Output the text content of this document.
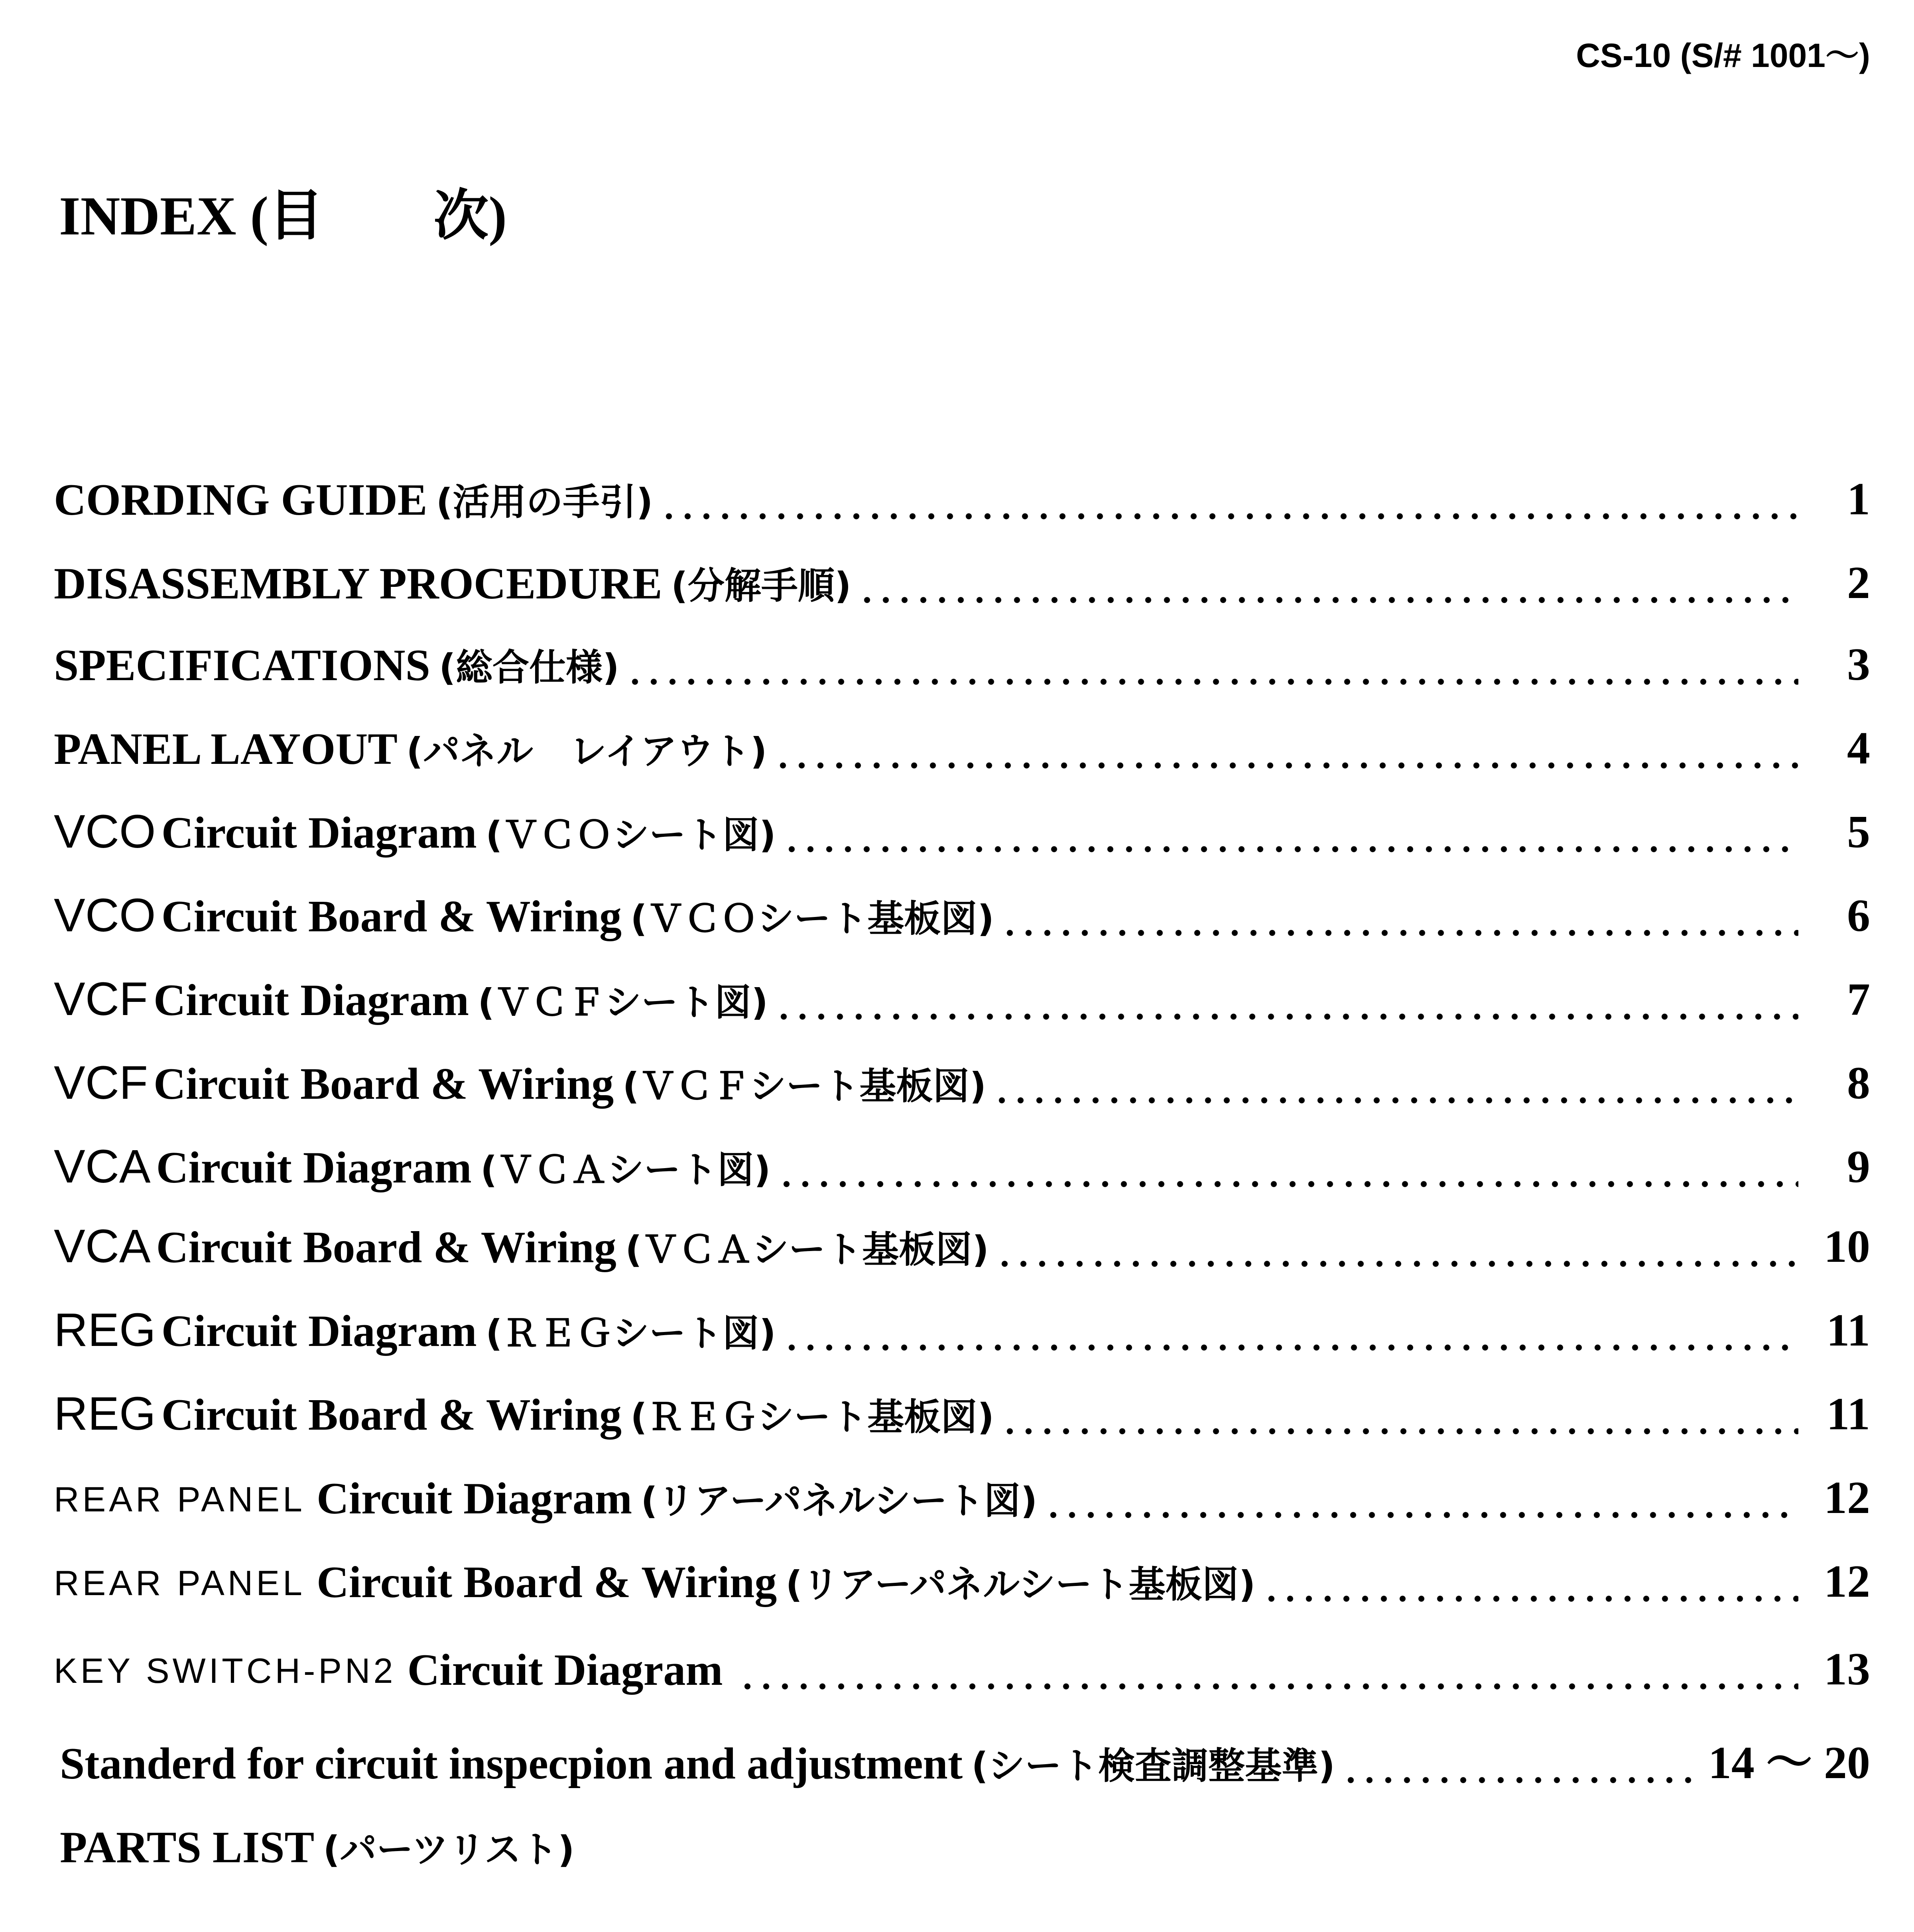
CS-10 (S/# 1001～)
INDEX (目　　次)
CORDING GUIDE (活用の手引)	1
DISASSEMBLY PROCEDURE (分解手順)	2
SPECIFICATIONS (総合仕様)	3
PANEL LAYOUT (パネル　レイアウト)	4
VCO Circuit Diagram (ＶＣＯシート図)	5
VCO Circuit Board & Wiring (ＶＣＯシート基板図)	6
VCF Circuit Diagram (ＶＣＦシート図)	7
VCF Circuit Board & Wiring (ＶＣＦシート基板図)	8
VCA Circuit Diagram (ＶＣＡシート図)	9
VCA Circuit Board & Wiring (ＶＣＡシート基板図)	10
REG Circuit Diagram (ＲＥＧシート図)	11
REG Circuit Board & Wiring (ＲＥＧシート基板図)	11
REAR PANEL Circuit Diagram (リアーパネルシート図)	12
REAR PANEL Circuit Board & Wiring (リアーパネルシート基板図)	12
KEY SWITCH-PN2 Circuit Diagram	13
Standerd for circuit inspecpion and adjustment (シート検査調整基準)	14 ～ 20
PARTS LIST (パーツリスト)
